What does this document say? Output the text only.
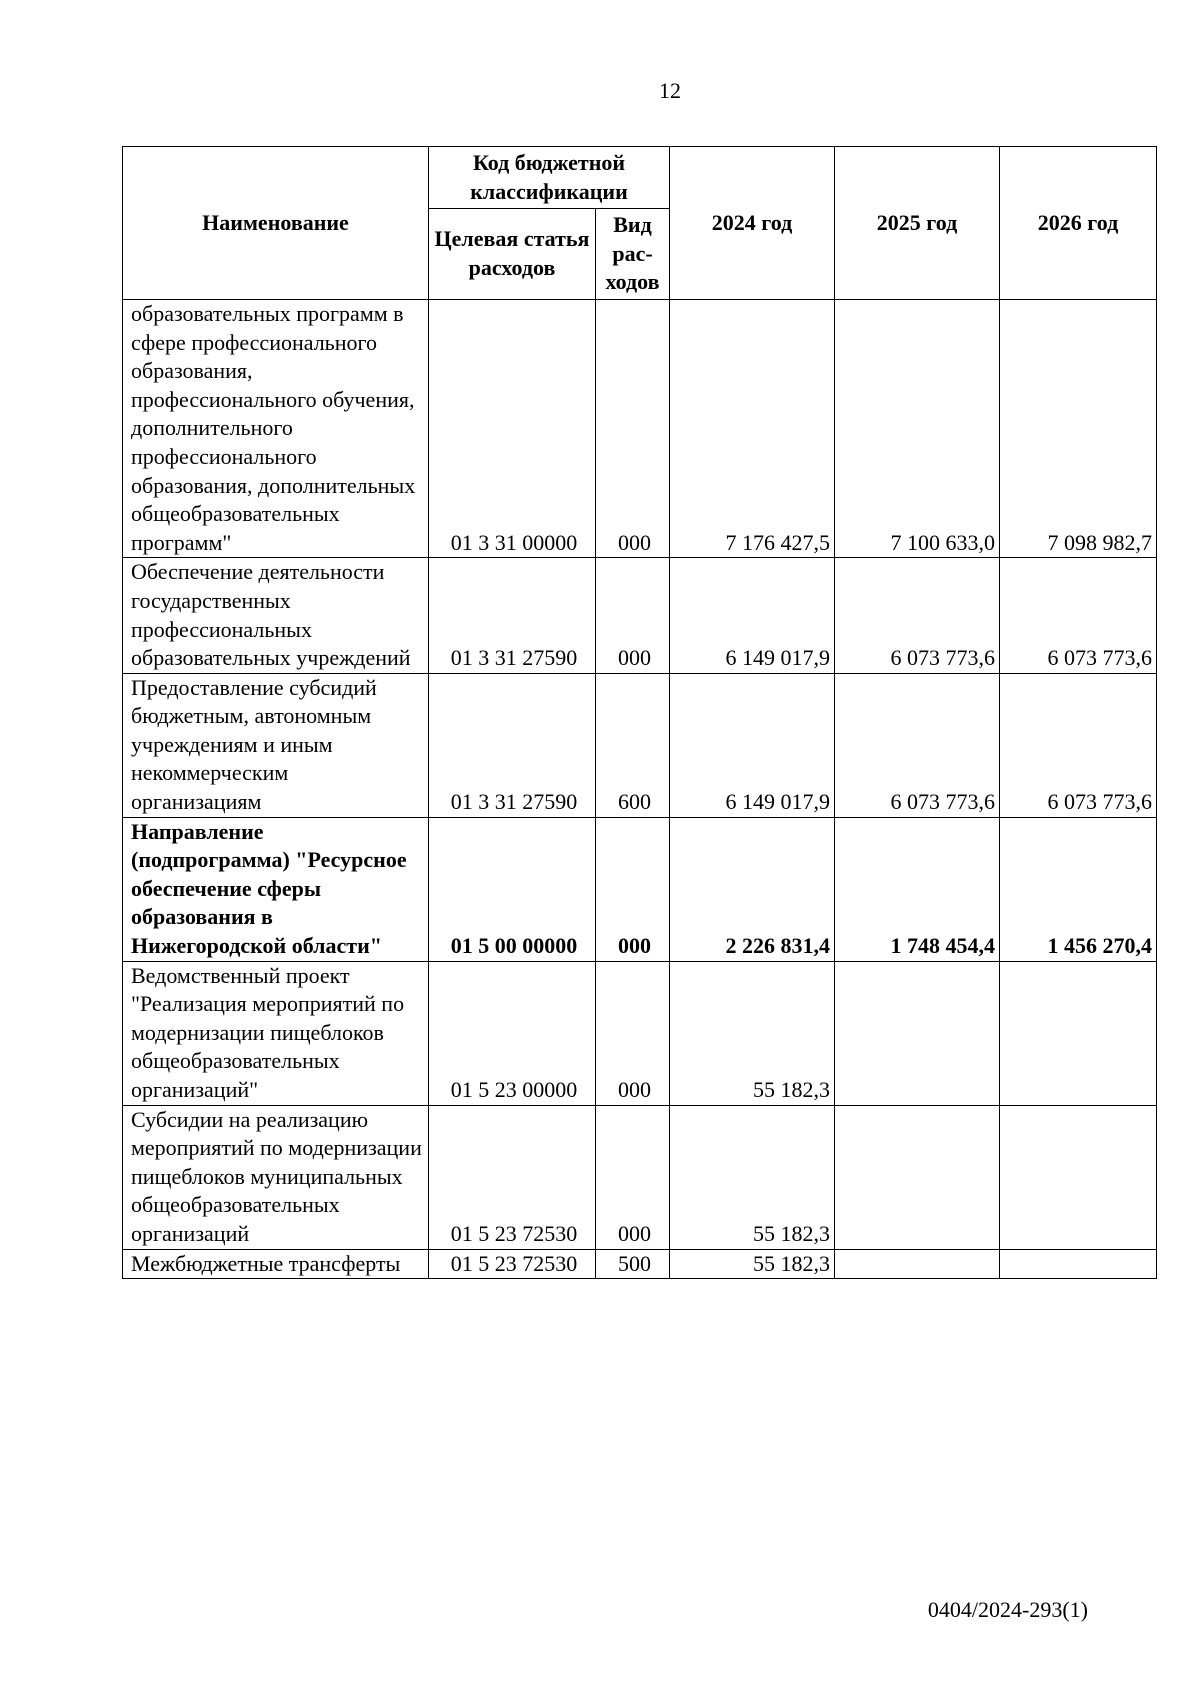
12
Наименование	Код бюджетной классификации		2024 год	2025 год	2026 год
	Целевая статья расходов	Вид рас-ходов			
образовательных программ в сфере профессионального образования, профессионального обучения, дополнительного профессионального образования, дополнительных общеобразовательных программ"	01 3 31 00000	000	7 176 427,5	7 100 633,0	7 098 982,7
Обеспечение деятельности государственных профессиональных образовательных учреждений	01 3 31 27590	000	6 149 017,9	6 073 773,6	6 073 773,6
Предоставление субсидий бюджетным, автономным учреждениям и иным некоммерческим организациям	01 3 31 27590	600	6 149 017,9	6 073 773,6	6 073 773,6
Направление (подпрограмма) "Ресурсное обеспечение сферы образования в Нижегородской области"	01 5 00 00000	000	2 226 831,4	1 748 454,4	1 456 270,4
Ведомственный проект "Реализация мероприятий по модернизации пищеблоков общеобразовательных организаций"	01 5 23 00000	000	55 182,3		
Субсидии на реализацию мероприятий по модернизации пищеблоков муниципальных общеобразовательных организаций	01 5 23 72530	000	55 182,3		
Межбюджетные трансферты	01 5 23 72530	500	55 182,3		
0404/2024-293(1)
